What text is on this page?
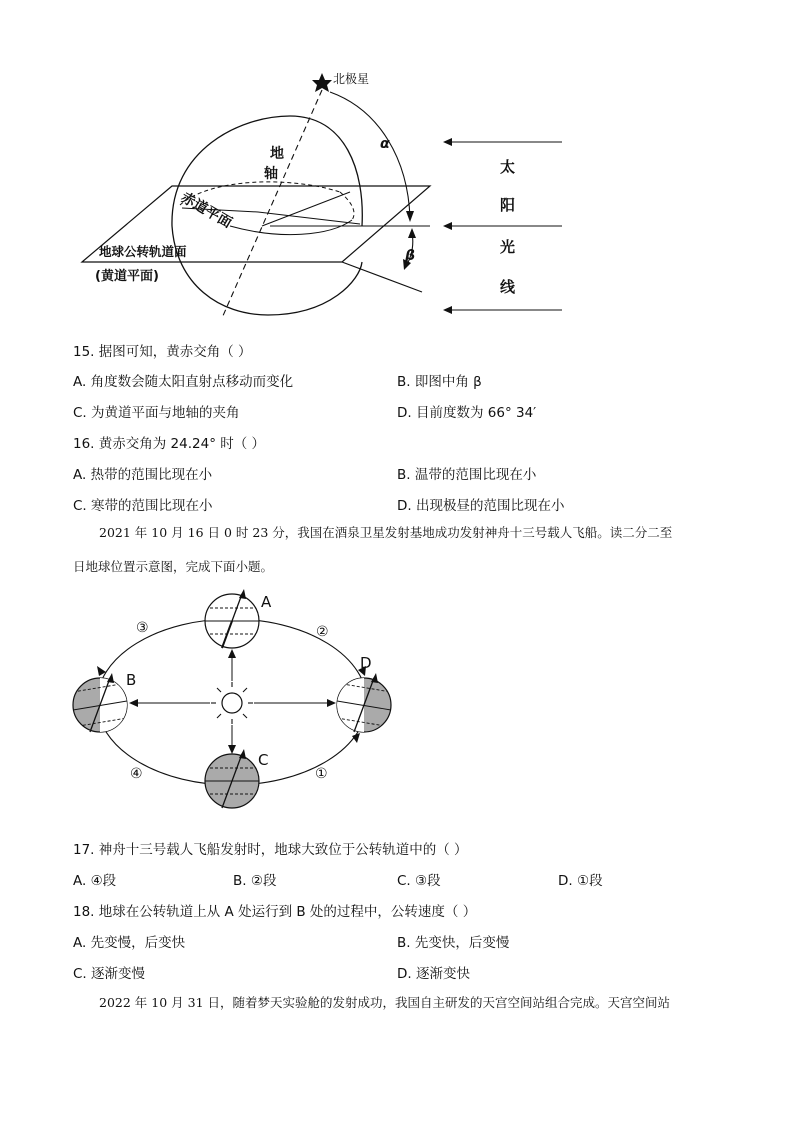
北极星
α
β
地
轴
赤道平面
地球公转轨道面
(黄道平面)
太
阳
光
线
15. 据图可知，黄赤交角（ ）
A. 角度数会随太阳直射点移动而变化	B. 即图中角 β
C. 为黄道平面与地轴的夹角	D. 目前度数为 66° 34′
16. 黄赤交角为 24.24° 时（ ）
A. 热带的范围比现在小	B. 温带的范围比现在小
C. 寒带的范围比现在小	D. 出现极昼的范围比现在小
2021 年 10 月 16 日 0 时 23 分，我国在酒泉卫星发射基地成功发射神舟十三号载人飞船。读二分二至
日地球位置示意图，完成下面小题。
A
B
C
D
①
②
③
④
17. 神舟十三号载人飞船发射时，地球大致位于公转轨道中的（ ）
A. ④段	B. ②段	C. ③段	D. ①段
18. 地球在公转轨道上从 A 处运行到 B 处的过程中，公转速度（ ）
A. 先变慢，后变快	B. 先变快，后变慢
C. 逐渐变慢	D. 逐渐变快
2022 年 10 月 31 日，随着梦天实验舱的发射成功，我国自主研发的天宫空间站组合完成。天宫空间站
